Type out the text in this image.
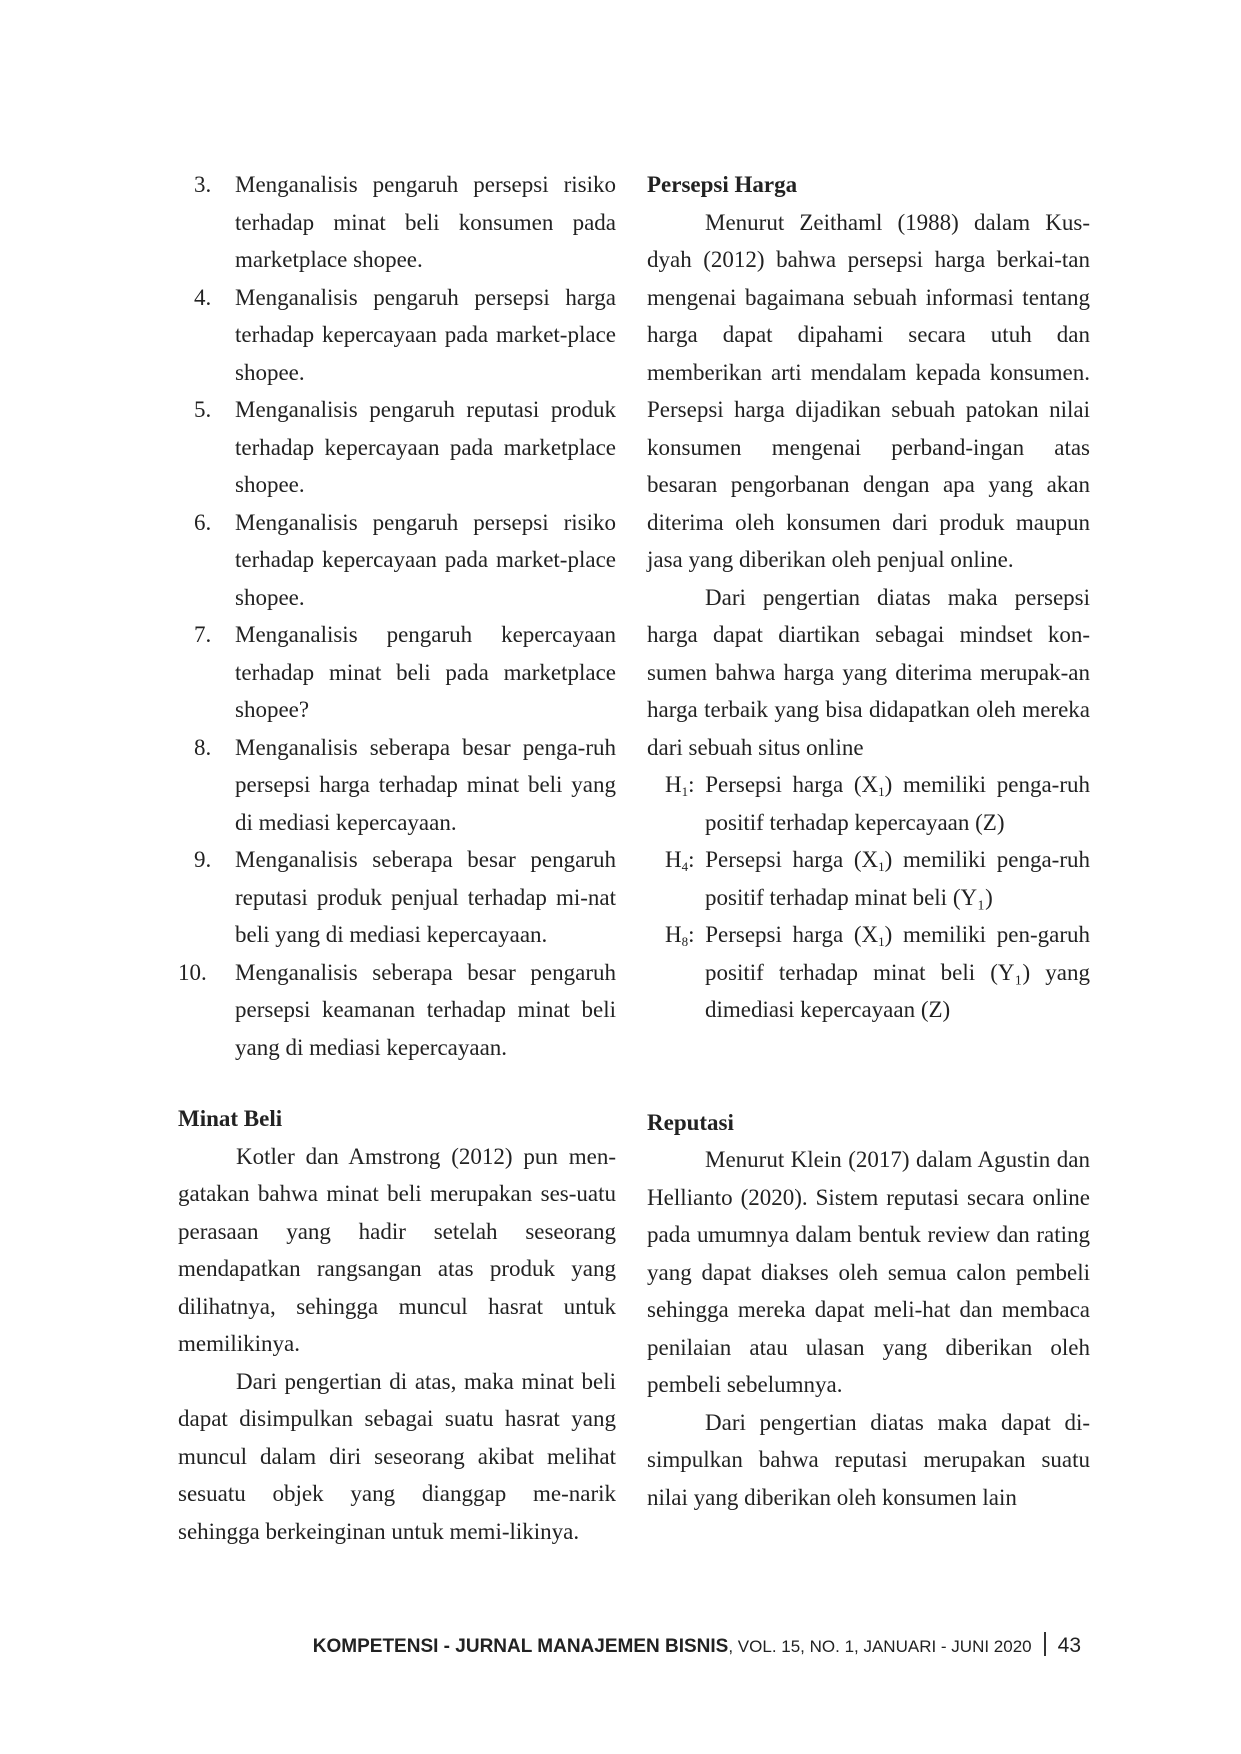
3.	Menganalisis pengaruh persepsi risiko terhadap minat beli konsumen pada marketplace shopee.
4.	Menganalisis pengaruh persepsi harga terhadap kepercayaan pada market-place shopee.
5.	Menganalisis pengaruh reputasi produk terhadap kepercayaan pada marketplace shopee.
6.	Menganalisis pengaruh persepsi risiko terhadap kepercayaan pada market-place shopee.
7.	Menganalisis pengaruh kepercayaan terhadap minat beli pada marketplace shopee?
8.	Menganalisis seberapa besar penga-ruh persepsi harga terhadap minat beli yang di mediasi kepercayaan.
9.	Menganalisis seberapa besar pengaruh reputasi produk penjual terhadap mi-nat beli yang di mediasi kepercayaan.
10.	Menganalisis seberapa besar pengaruh persepsi keamanan terhadap minat beli yang di mediasi kepercayaan.
Minat Beli

Kotler dan Amstrong (2012) pun men-gatakan bahwa minat beli merupakan ses-uatu perasaan yang hadir setelah seseorang mendapatkan rangsangan atas produk yang dilihatnya, sehingga muncul hasrat untuk memilikinya.

Dari pengertian di atas, maka minat beli dapat disimpulkan sebagai suatu hasrat yang muncul dalam diri seseorang akibat melihat sesuatu objek yang dianggap me-narik sehingga berkeinginan untuk memi-likinya.

Persepsi Harga

Menurut Zeithaml (1988) dalam Kus-dyah (2012) bahwa persepsi harga berkai-tan mengenai bagaimana sebuah informasi tentang harga dapat dipahami secara utuh dan memberikan arti mendalam kepada konsumen. Persepsi harga dijadikan sebuah patokan nilai konsumen mengenai perband-ingan atas besaran pengorbanan dengan apa yang akan diterima oleh konsumen dari produk maupun jasa yang diberikan oleh penjual online.

Dari pengertian diatas maka persepsi harga dapat diartikan sebagai mindset kon-sumen bahwa harga yang diterima merupak-an harga terbaik yang bisa didapatkan oleh mereka dari sebuah situs online

$H_1$: Persepsi harga $(X_1)$ memiliki penga-ruh positif terhadap kepercayaan (Z)
$H_4$: Persepsi harga $(X_1)$ memiliki penga-ruh positif terhadap minat beli (Y₁)
$H_8$: Persepsi harga $(X_1)$ memiliki pen-garuh positif terhadap minat beli (Y₁) yang dimediasi kepercayaan (Z)
Reputasi

Menurut Klein (2017) dalam Agustin dan Hellianto (2020). Sistem reputasi secara online pada umumnya dalam bentuk review dan rating yang dapat diakses oleh semua calon pembeli sehingga mereka dapat meli-hat dan membaca penilaian atau ulasan yang diberikan oleh pembeli sebelumnya.

Dari pengertian diatas maka dapat di-simpulkan bahwa reputasi merupakan suatu nilai yang diberikan oleh konsumen lain

KOMPETENSI - JURNAL MANAJEMEN BISNIS, VOL. 15, NO. 1, JANUARI - JUNI 2020 43
